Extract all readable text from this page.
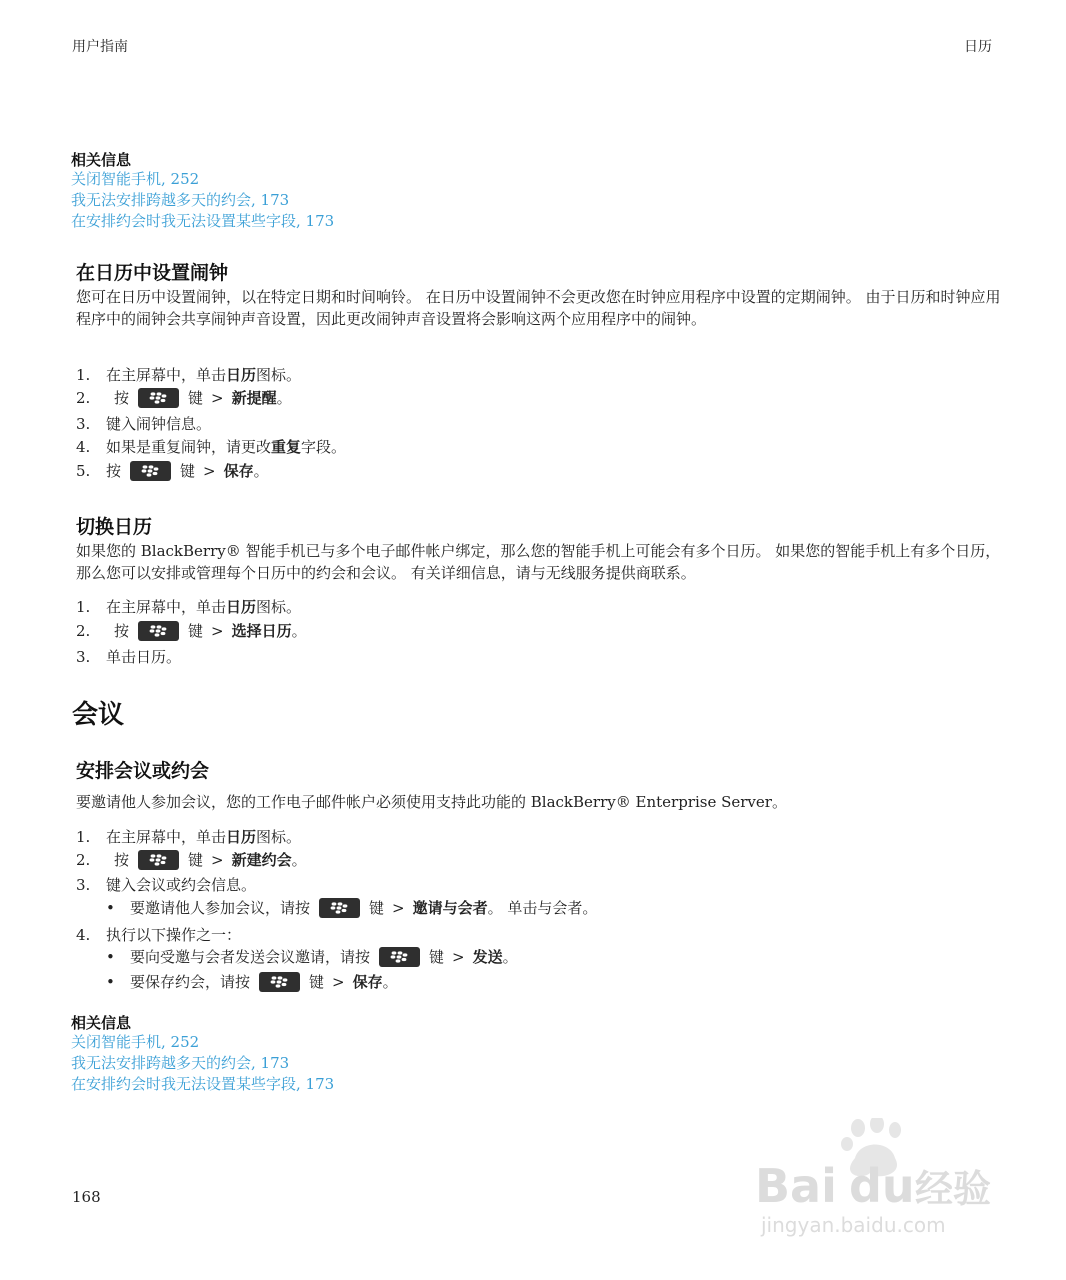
用户指南	日历
相关信息
关闭智能手机, 252
我无法安排跨越多天的约会, 173
在安排约会时我无法设置某些字段, 173
在日历中设置闹钟
您可在日历中设置闹钟，以在特定日期和时间响铃。 在日历中设置闹钟不会更改您在时钟应用程序中设置的定期闹钟。 由于日历和时钟应用程序中的闹钟会共享闹钟声音设置，因此更改闹钟声音设置将会影响这两个应用程序中的闹钟。
1.	在主屏幕中，单击 日历 图标。
2.	按	键 > 新提醒 。
3.	键入闹钟信息。
4.	如果是重复闹钟，请更改 重复 字段。
5.	按	键 > 保存 。
切换日历
如果您的 BlackBerry® 智能手机已与多个电子邮件帐户绑定，那么您的智能手机上可能会有多个日历。 如果您的智能手机上有多个日历，那么您可以安排或管理每个日历中的约会和会议。 有关详细信息，请与无线服务提供商联系。
1.	在主屏幕中，单击 日历 图标。
2.	按	键 > 选择日历 。
3.	单击日历。
会议
安排会议或约会
要邀请他人参加会议，您的工作电子邮件帐户必须使用支持此功能的 BlackBerry® Enterprise Server。
1.	在主屏幕中，单击 日历 图标。
2.	按	键 > 新建约会 。
3.	键入会议或约会信息。
•	要邀请他人参加会议，请按	键 > 邀请与会者 。 单击与会者。
4.	执行以下操作之一：
•	要向受邀与会者发送会议邀请，请按	键 > 发送 。
•	要保存约会，请按	键 > 保存 。
相关信息
关闭智能手机, 252
我无法安排跨越多天的约会, 173
在安排约会时我无法设置某些字段, 173
168	Bai du 经验
jingyan.baidu.com
